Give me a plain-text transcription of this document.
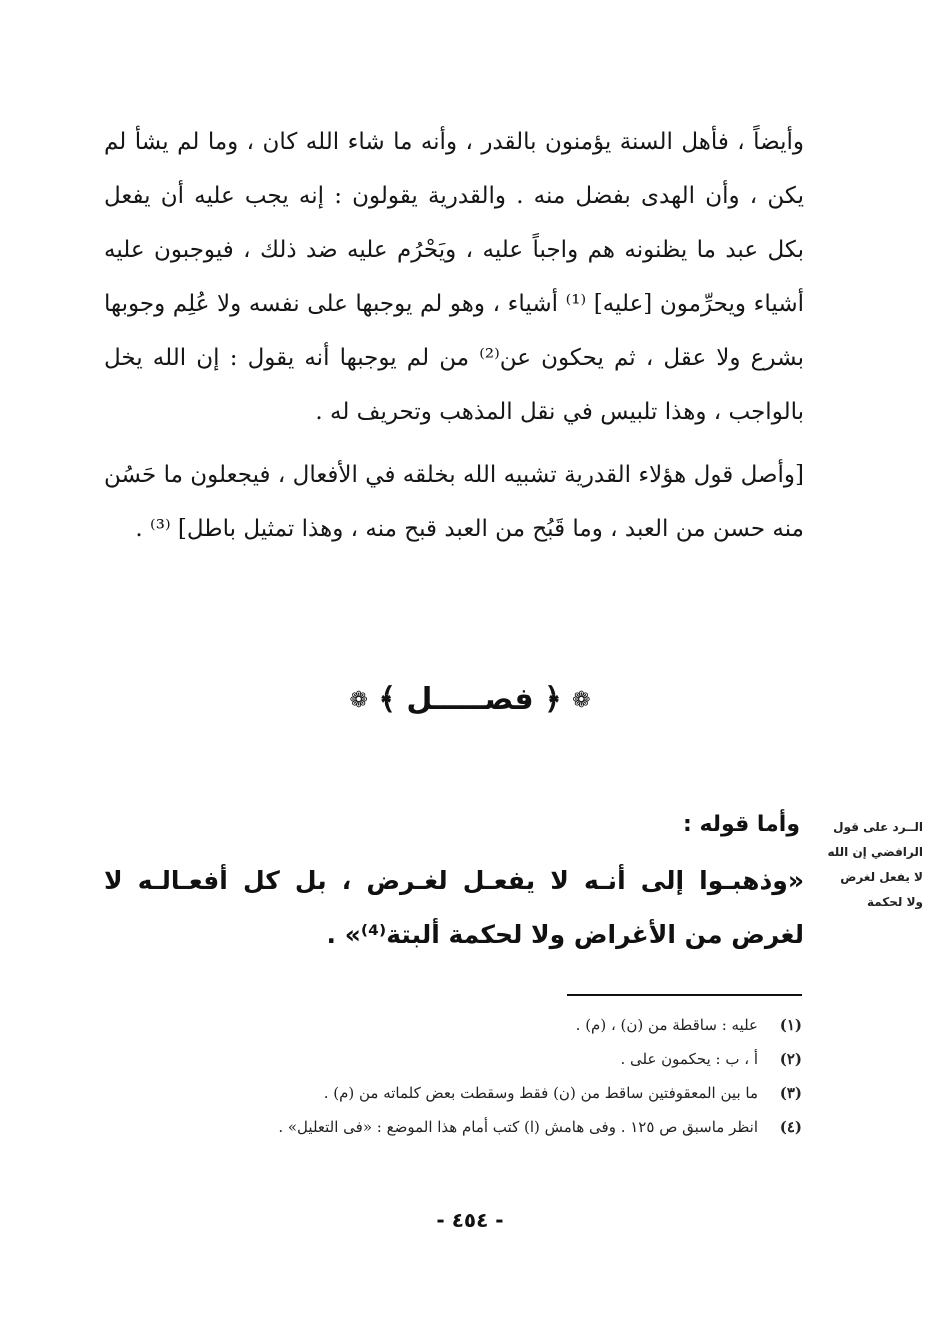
وأيضاً ، فأهل السنة يؤمنون بالقدر ، وأنه ما شاء الله كان ، وما لم يشأ لم يكن ، وأن الهدى بفضل منه . والقدرية يقولون : إنه يجب عليه أن يفعل بكل عبد ما يظنونه هم واجباً عليه ، ويَحْرُم عليه ضد ذلك ، فيوجبون عليه أشياء ويحرِّمون [عليه] ⁽¹⁾ أشياء ، وهو لم يوجبها على نفسه ولا عُلِم وجوبها بشرع ولا عقل ، ثم يحكون عن⁽²⁾ من لم يوجبها أنه يقول : إن الله يخل بالواجب ، وهذا تلبيس في نقل المذهب وتحريف له .

[وأصل قول هؤلاء القدرية تشبيه الله بخلقه في الأفعال ، فيجعلون ما حَسُن منه حسن من العبد ، وما قَبُح من العبد قبح منه ، وهذا تمثيل باطل] ⁽³⁾ .

❁ ﴿ فصـــــل ﴾ ❁
الــرد على قول
الرافضي إن الله
لا يفعل لغرض
ولا لحكمة
وأما قوله :
«وذهبـوا إلى أنـه لا يفعـل لغـرض ، بل كل أفعـالـه لا لغرض من الأغراض ولا لحكمة ألبتة⁽⁴⁾» .
(١)
عليه : ساقطة من (ن) ، (م) .
(٢)
أ ، ب : يحكمون على .
(٣)
ما بين المعقوفتين ساقط من (ن) فقط وسقطت بعض كلماته من (م) .
(٤)
انظر ماسبق ص ١٢٥ . وفى هامش (ا) كتب أمام هذا الموضع : «فى التعليل» .
- ٤٥٤ -
